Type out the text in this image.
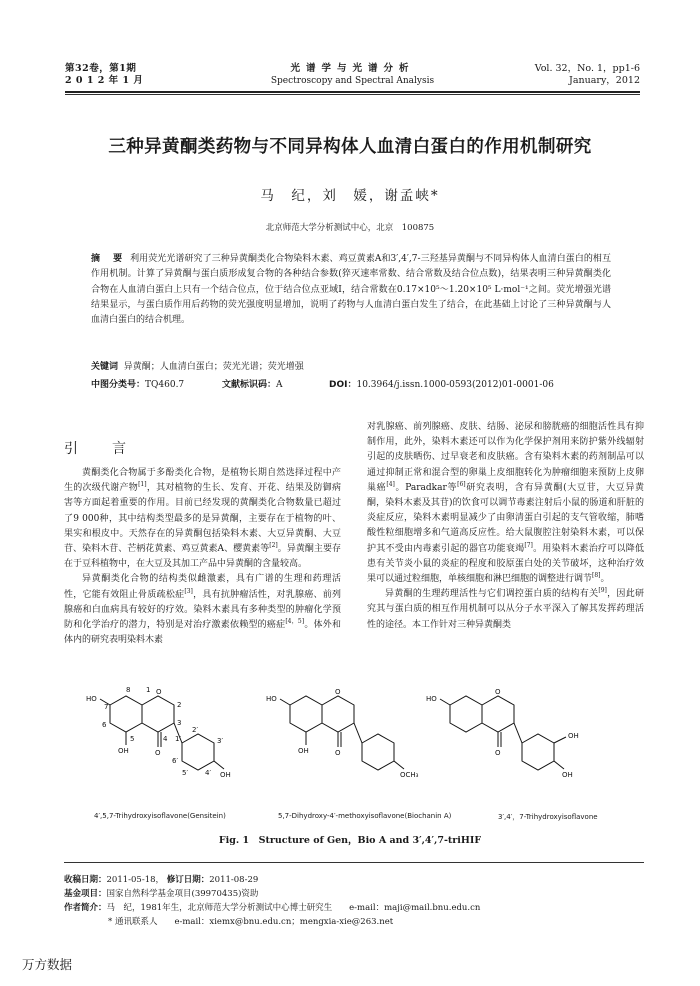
第32卷，第1期
2 0 1 2 年 1 月
光谱学与光谱分析
Spectroscopy and Spectral Analysis
Vol. 32，No. 1，pp1-6
January，2012
三种异黄酮类药物与不同异构体人血清白蛋白的作用机制研究
马　纪，刘　媛，谢孟峡*
北京师范大学分析测试中心，北京　100875
摘　要 利用荧光光谱研究了三种异黄酮类化合物染料木素、鸡豆黄素A和3′,4′,7-三羟基异黄酮与不同异构体人血清白蛋白的相互作用机制。计算了异黄酮与蛋白质形成复合物的各种结合参数(猝灭速率常数、结合常数及结合位点数)，结果表明三种异黄酮类化合物在人血清白蛋白上只有一个结合位点，位于结合位点亚域Ⅰ，结合常数在0.17×10⁵～1.20×10⁵ L·mol⁻¹之间。荧光增强光谱结果显示，与蛋白质作用后药物的荧光强度明显增加，说明了药物与人血清白蛋白发生了结合，在此基础上讨论了三种异黄酮与人血清白蛋白的结合机理。
关键词 异黄酮；人血清白蛋白；荧光光谱；荧光增强
中图分类号：TQ460.7	文献标识码：A	DOI：10.3964/j.issn.1000-0593(2012)01-0001-06
引　言

黄酮类化合物属于多酚类化合物，是植物长期自然选择过程中产生的次级代谢产物[1]，其对植物的生长、发育、开花、结果及防御病害等方面起着重要的作用。目前已经发现的黄酮类化合物数量已超过了9 000种，其中结构类型最多的是异黄酮，主要存在于植物的叶、果实和根皮中。天然存在的异黄酮包括染料木素、大豆异黄酮、大豆苷、染料木苷、芒柄花黄素、鸡豆黄素A、樱黄素等[2]。异黄酮主要存在于豆科植物中，在大豆及其加工产品中异黄酮的含量较高。

异黄酮类化合物的结构类似雌激素，具有广谱的生理和药理活性，它能有效阻止骨质疏松症[3]，具有抗肿瘤活性，对乳腺癌、前列腺癌和白血病具有较好的疗效。染料木素具有多种类型的肿瘤化学预防和化学治疗的潜力，特别是对治疗激素依赖型的癌症[4，5]。体外和体内的研究表明染料木素

对乳腺癌、前列腺癌、皮肤、结肠、泌尿和膀胱癌的细胞活性具有抑制作用，此外，染料木素还可以作为化学保护剂用来防护紫外线辐射引起的皮肤晒伤、过早衰老和皮肤癌。含有染料木素的药剂制品可以通过抑制正常和混合型的卵巢上皮细胞转化为肿瘤细胞来预防上皮卵巢癌[4]。Paradkar等[6]研究表明，含有异黄酮(大豆苷，大豆异黄酮，染料木素及其苷)的饮食可以调节毒素注射后小鼠的肠道和肝脏的炎症反应，染料木素明显减少了由卵清蛋白引起的支气管收缩，肺嗜酸性粒细胞增多和气道高反应性。给大鼠腹腔注射染料木素，可以保护其不受由内毒素引起的器官功能衰竭[7]。用染料木素治疗可以降低患有关节炎小鼠的炎症的程度和胶原蛋白处的关节破坏，这种治疗效果可以通过粒细胞，单核细胞和淋巴细胞的调整进行调节[8]。

异黄酮的生理药理活性与它们调控蛋白质的结构有关[9]，因此研究其与蛋白质的相互作用机制可以从分子水平深入了解其发挥药理活性的途径。本工作针对三种异黄酮类

HO
O
O
OH
OH
1
2
3
4
5
6
7
8
1′
2′
3′
4′
5′
6′
HO
O
O
OH
OCH₃
HO
O
O
OH
OH
4′,5,7-Trihydroxyisoflavone(Gensitein)	5,7-Dihydroxy-4′-methoxyisoflavone(Biochanin A)	3′,4′，7-Trihydroxyisoflavone
Fig. 1　Structure of Gen，Bio A and 3′,4′,7-triHIF
收稿日期：2011-05-18， 修订日期：2011-08-29
基金项目：国家自然科学基金项目(39970435)资助
作者简介：马　纪，1981年生，北京师范大学分析测试中心博士研究生　　e-mail：maji@mail.bnu.edu.cn
* 通讯联系人　　e-mail：xiemx@bnu.edu.cn；mengxia-xie@263.net
万方数据
